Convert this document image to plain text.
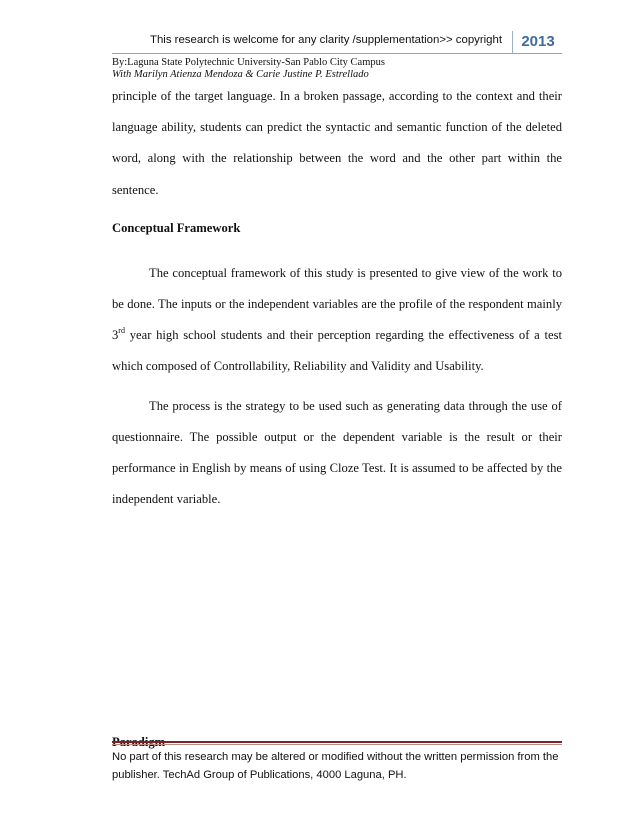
This research is welcome for any clarity /supplementation>> copyright	2013
By:Laguna State Polytechnic University-San Pablo City Campus
With Marilyn Atienza Mendoza & Carie Justine P. Estrellado

principle of the target language. In a broken passage, according to the context and their language ability, students can predict the syntactic and semantic function of the deleted word, along with the relationship between the word and the other part within the sentence.

Conceptual Framework

The conceptual framework of this study is presented to give view of the work to be done. The inputs or the independent variables are the profile of the respondent mainly 3rd year high school students and their perception regarding the effectiveness of a test which composed of Controllability, Reliability and Validity and Usability.

The process is the strategy to be used such as generating data through the use of questionnaire. The possible output or the dependent variable is the result or their performance in English by means of using Cloze Test. It is assumed to be affected by the independent variable.

No part of this research may be altered or modified without the written permission from the publisher. TechAd Group of Publications, 4000 Laguna, PH.
